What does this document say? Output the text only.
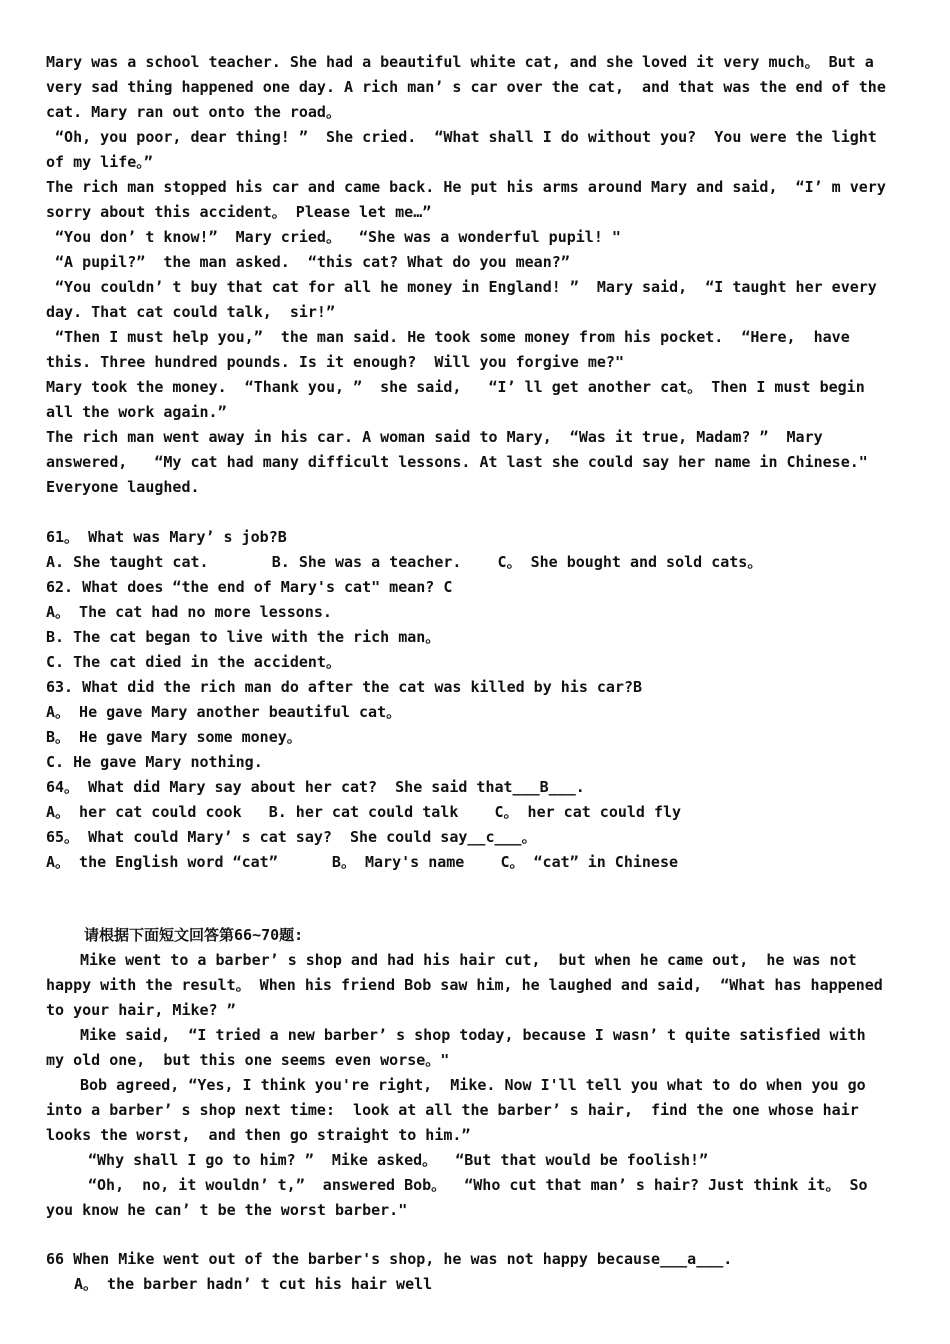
Mary was a school teacher. She had a beautiful white cat, and she loved it very much。 But a
very sad thing happened one day. A rich man’ s car over the cat,  and that was the end of the
cat. Mary ran out onto the road。
“Oh, you poor, dear thing! ”  She cried.  “What shall I do without you?  You were the light
of my life。”
The rich man stopped his car and came back. He put his arms around Mary and said,  “I’ m very
sorry about this accident。 Please let me…”
“You don’ t know!”  Mary cried。  “She was a wonderful pupil! "
“A pupil?”  the man asked.  “this cat? What do you mean?”
“You couldn’ t buy that cat for all he money in England! ”  Mary said,  “I taught her every
day. That cat could talk,  sir!”
“Then I must help you,”  the man said. He took some money from his pocket.  “Here,  have
this. Three hundred pounds. Is it enough?  Will you forgive me?"
Mary took the money.  “Thank you, ”  she said,   “I’ ll get another cat。 Then I must begin
all the work again.”
The rich man went away in his car. A woman said to Mary,  “Was it true, Madam? ”  Mary
answered,   “My cat had many difficult lessons. At last she could say her name in Chinese."
Everyone laughed.
61。 What was Mary’ s job?B
A. She taught cat.       B. She was a teacher.    C。 She bought and sold cats。
62. What does “the end of Mary's cat" mean? C
A。 The cat had no more lessons.
B. The cat began to live with the rich man。
C. The cat died in the accident。
63. What did the rich man do after the cat was killed by his car?B
A。 He gave Mary another beautiful cat。
B。 He gave Mary some money。
C. He gave Mary nothing.
64。 What did Mary say about her cat?  She said that___B___.
A。 her cat could cook   B. her cat could talk    C。 her cat could fly
65。 What could Mary’ s cat say?  She could say__c___。
A。 the English word “cat”      B。 Mary's name    C。 “cat” in Chinese
请根据下面短文回答第66~70题:
Mike went to a barber’ s shop and had his hair cut,  but when he came out,  he was not
happy with the result。 When his friend Bob saw him, he laughed and said,  “What has happened
to your hair, Mike? ”
Mike said,  “I tried a new barber’ s shop today, because I wasn’ t quite satisfied with
my old one,  but this one seems even worse。"
Bob agreed, “Yes, I think you're right,  Mike. Now I'll tell you what to do when you go
into a barber’ s shop next time:  look at all the barber’ s hair,  find the one whose hair
looks the worst,  and then go straight to him.”
“Why shall I go to him? ”  Mike asked。  “But that would be foolish!”
“Oh,  no, it wouldn’ t,”  answered Bob。  “Who cut that man’ s hair? Just think it。 So
you know he can’ t be the worst barber."
66 When Mike went out of the barber's shop, he was not happy because___a___.
A。 the barber hadn’ t cut his hair well
